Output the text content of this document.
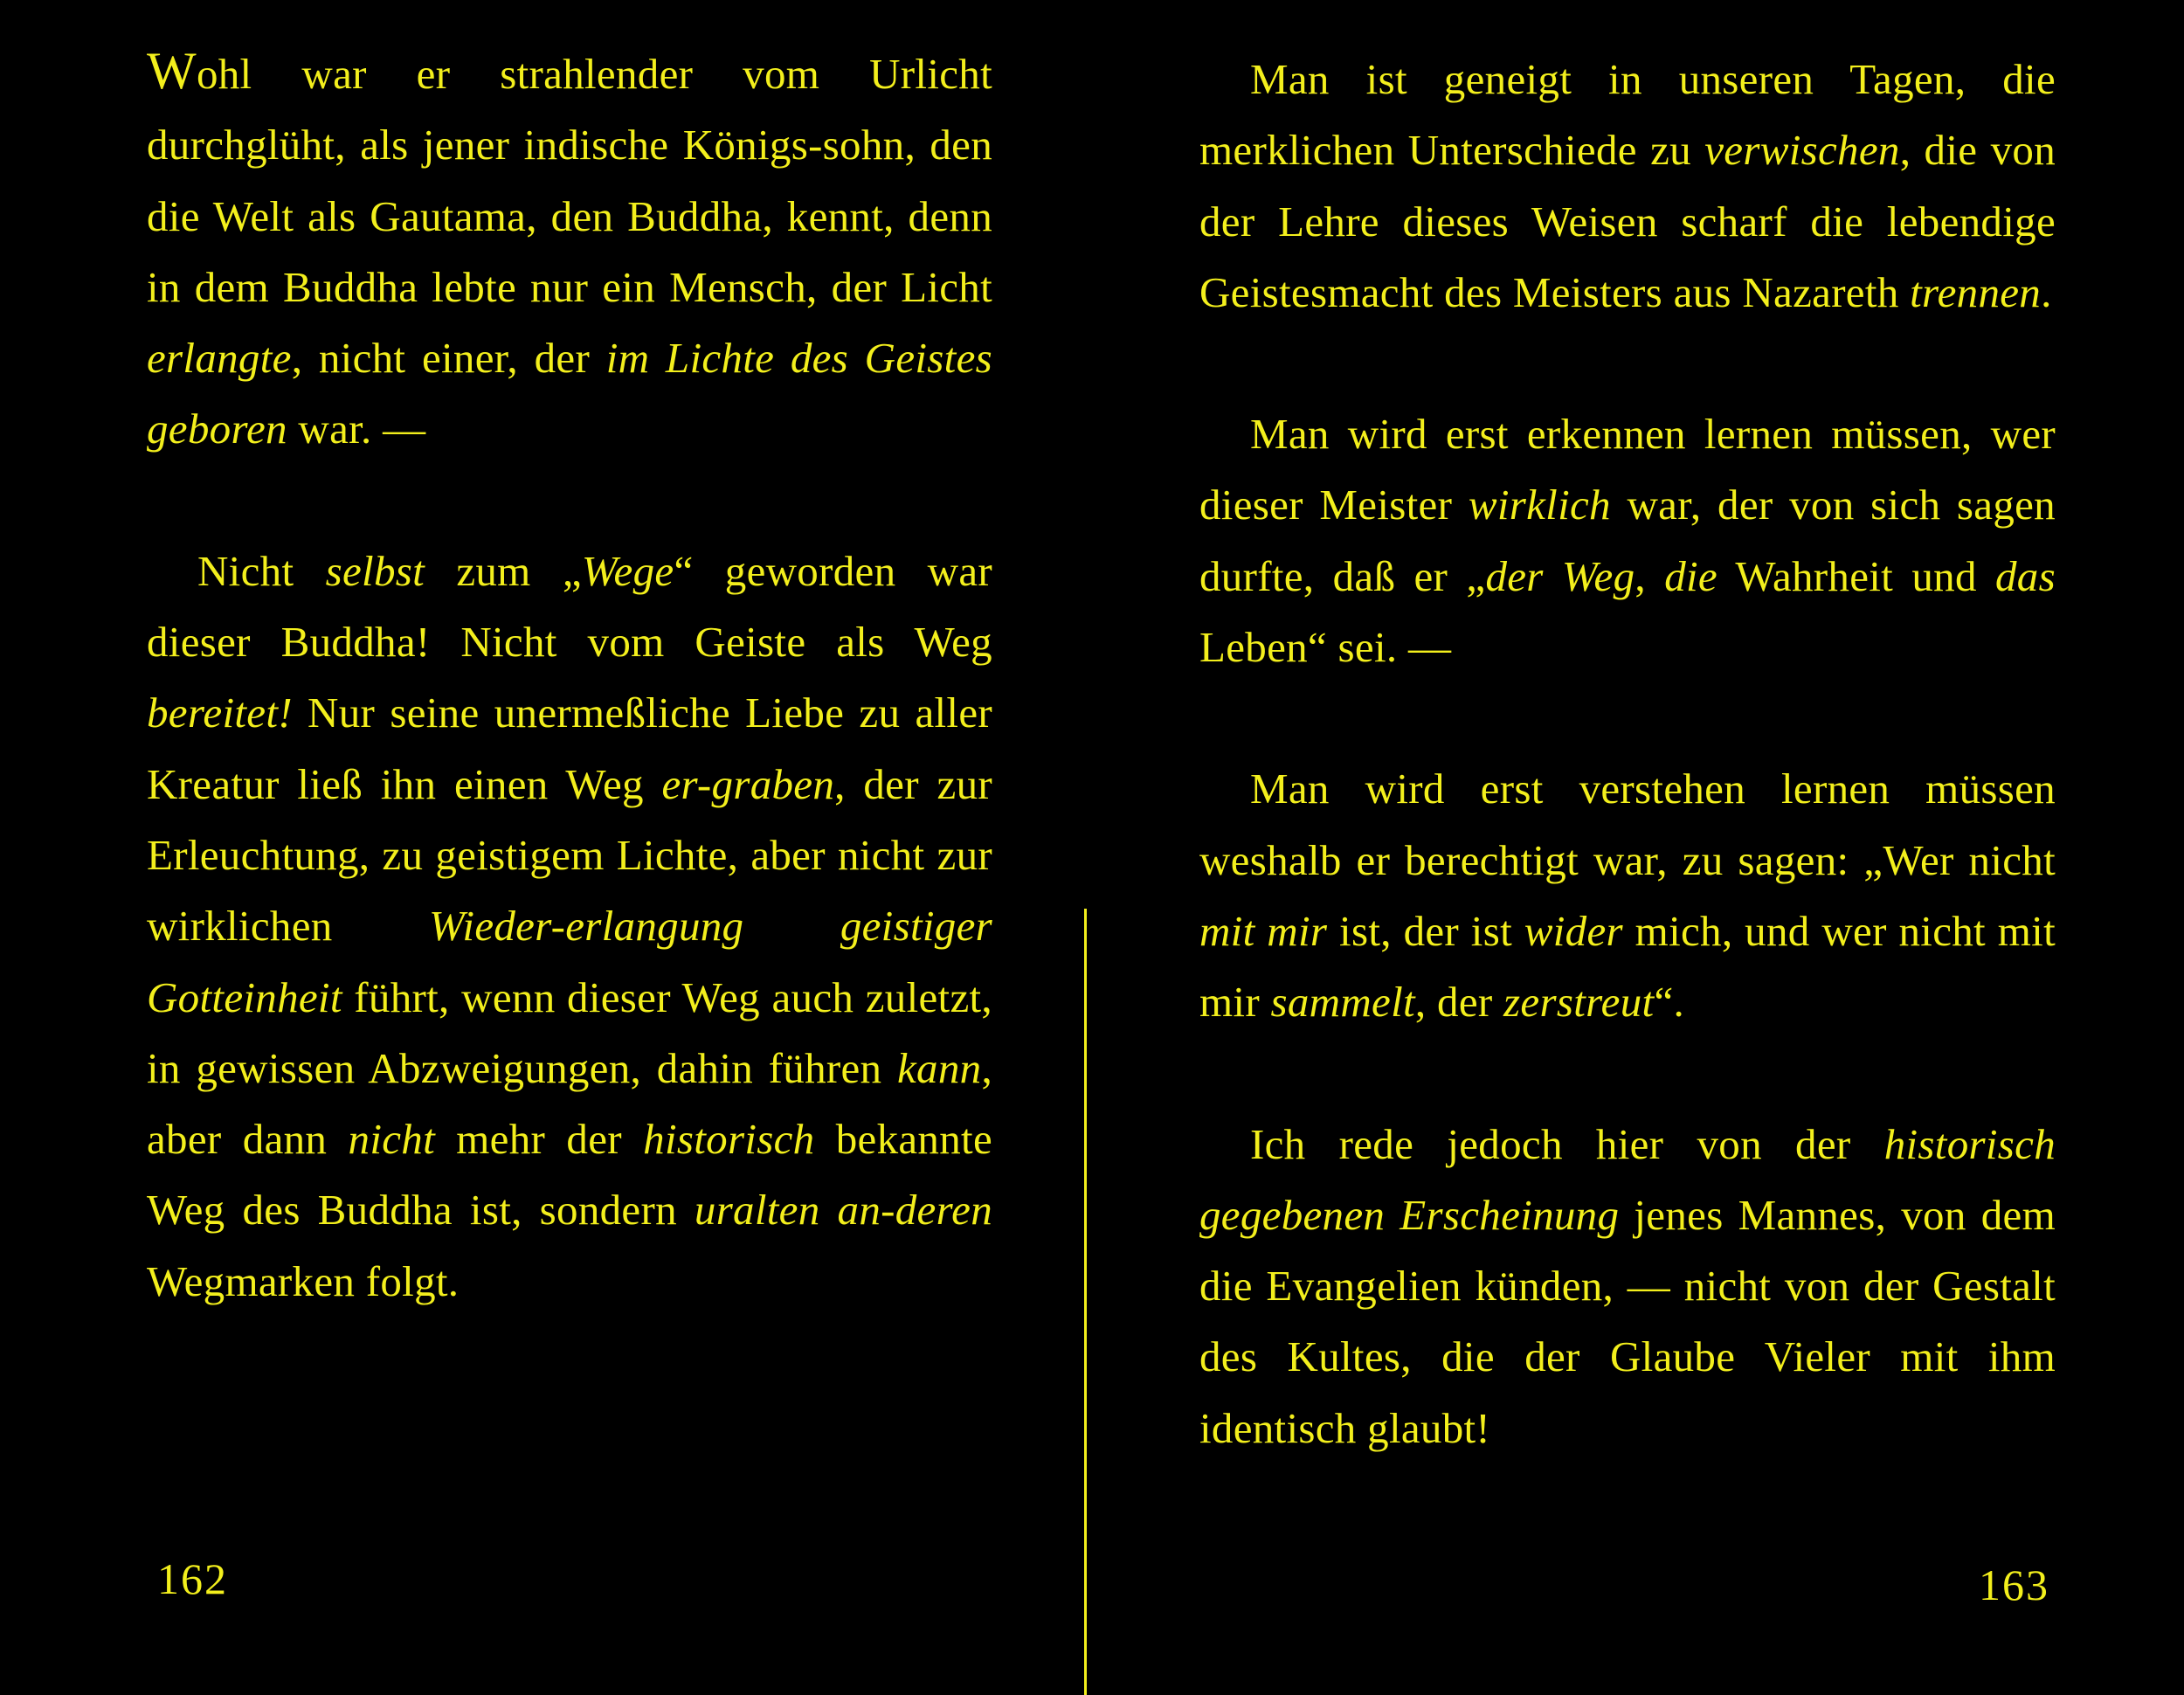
Wohl war er strahlender vom Urlicht durchglüht, als jener indische Königs-sohn, den die Welt als Gautama, den Buddha, kennt, denn in dem Buddha lebte nur ein Mensch, der Licht erlangte, nicht einer, der im Lichte des Geistes geboren war. —

Nicht selbst zum „Wege“ geworden war dieser Buddha! Nicht vom Geiste als Weg bereitet! Nur seine unermeßliche Liebe zu aller Kreatur ließ ihn einen Weg er-graben, der zur Erleuchtung, zu geistigem Lichte, aber nicht zur wirklichen Wieder-erlangung geistiger Gotteinheit führt, wenn dieser Weg auch zuletzt, in gewissen Abzweigungen, dahin führen kann, aber dann nicht mehr der historisch bekannte Weg des Buddha ist, sondern uralten an-deren Wegmarken folgt.

162

Man ist geneigt in unseren Tagen, die merklichen Unterschiede zu verwischen, die von der Lehre dieses Weisen scharf die lebendige Geistesmacht des Meisters aus Nazareth trennen.

Man wird erst erkennen lernen müssen, wer dieser Meister wirklich war, der von sich sagen durfte, daß er „der Weg, die Wahrheit und das Leben“ sei. —

Man wird erst verstehen lernen müssen weshalb er berechtigt war, zu sagen: „Wer nicht mit mir ist, der ist wider mich, und wer nicht mit mir sammelt, der zerstreut“.

Ich rede jedoch hier von der historisch gegebenen Erscheinung jenes Mannes, von dem die Evangelien künden, — nicht von der Gestalt des Kultes, die der Glaube Vieler mit ihm identisch glaubt!

163
